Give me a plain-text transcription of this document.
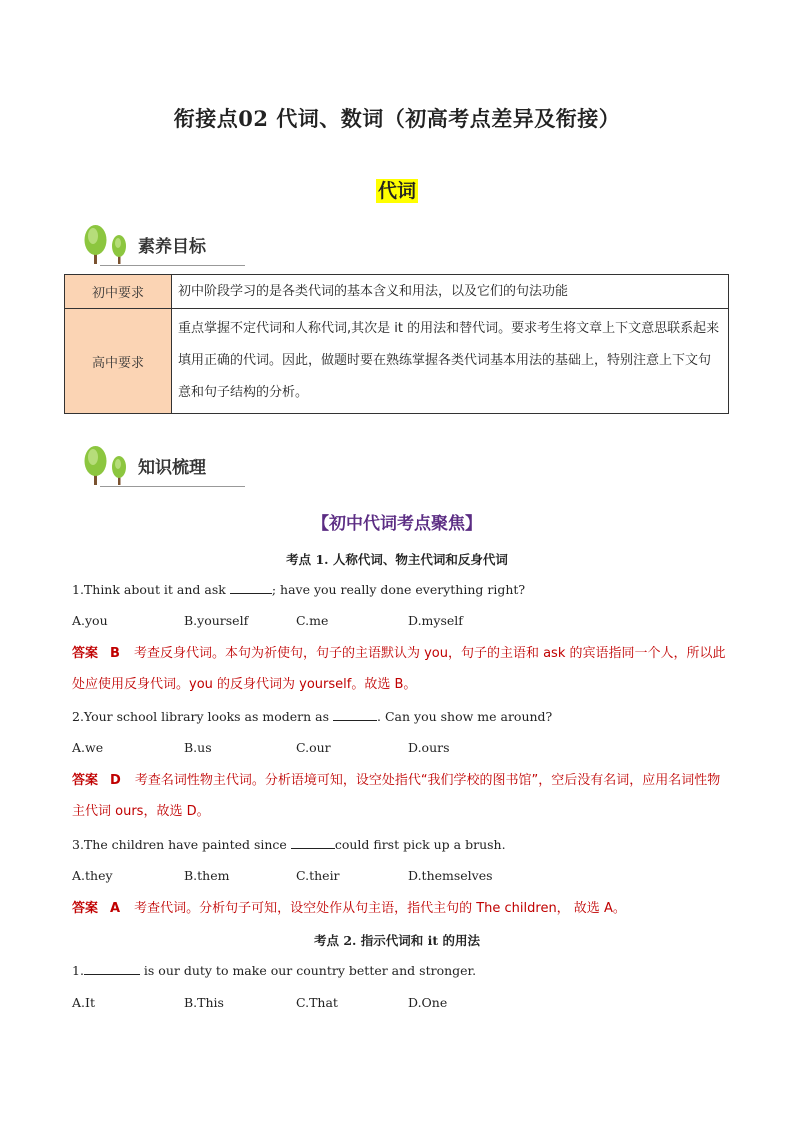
衔接点02 代词、数词（初高考点差异及衔接）
代词
素养目标
初中要求	初中阶段学习的是各类代词的基本含义和用法，以及它们的句法功能
高中要求	重点掌握不定代词和人称代词,其次是 it 的用法和替代词。要求考生将文章上下文意思联系起来填用正确的代词。因此，做题时要在熟练掌握各类代词基本用法的基础上，特别注意上下文句意和句子结构的分析。
知识梳理
【初中代词考点聚焦】
考点 1. 人称代词、物主代词和反身代词
1.Think about it and ask	; have you really done everything right?
A.you	B.yourself	C.me	D.myself
答案 B 考查反身代词。本句为祈使句，句子的主语默认为 you，句子的主语和 ask 的宾语指同一个人，所以此处应使用反身代词。you 的反身代词为 yourself。故选 B。
2.Your school library looks as modern as	. Can you show me around?
A.we	B.us	C.our	D.ours
答案 D 考查名词性物主代词。分析语境可知，设空处指代“我们学校的图书馆”，空后没有名词，应用名词性物主代词 ours，故选 D。
3.The children have painted since	could first pick up a brush.
A.they	B.them	C.their	D.themselves
答案 A 考查代词。分析句子可知，设空处作从句主语，指代主句的 The children， 故选 A。
考点 2. 指示代词和 it 的用法
1.	is our duty to make our country better and stronger.
A.It	B.This	C.That	D.One
